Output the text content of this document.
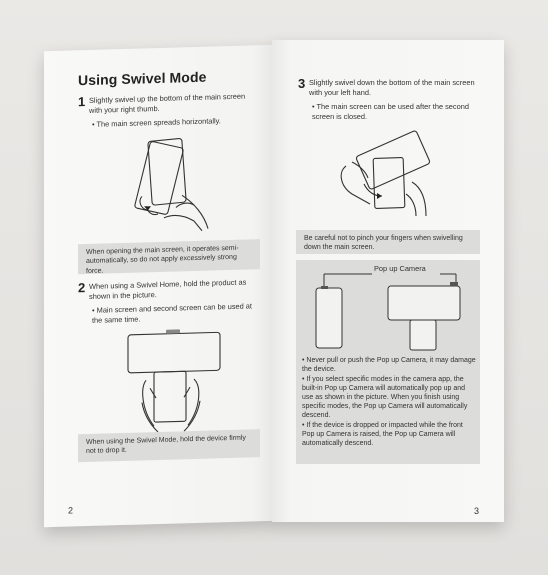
Using Swivel Mode
1 Slightly swivel up the bottom of the main screen with your right thumb.
• The main screen spreads horizontally.
When opening the main screen, it operates semi-automatically, so do not apply excessively strong force.
2 When using a Swivel Home, hold the product as shown in the picture.
• Main screen and second screen can be used at the same time.
When using the Swivel Mode, hold the device firmly not to drop it.
2
3 Slightly swivel down the bottom of the main screen with your left hand.
• The main screen can be used after the second screen is closed.
Be careful not to pinch your fingers when swivelling down the main screen.
Pop up Camera
• Never pull or push the Pop up Camera, it may damage the device.
• If you select specific modes in the camera app, the built-in Pop up Camera will automatically pop up and use as shown in the picture. When you finish using specific modes, the Pop up Camera will automatically descend.
• If the device is dropped or impacted while the front Pop up Camera is raised, the Pop up Camera will automatically descend.
3
